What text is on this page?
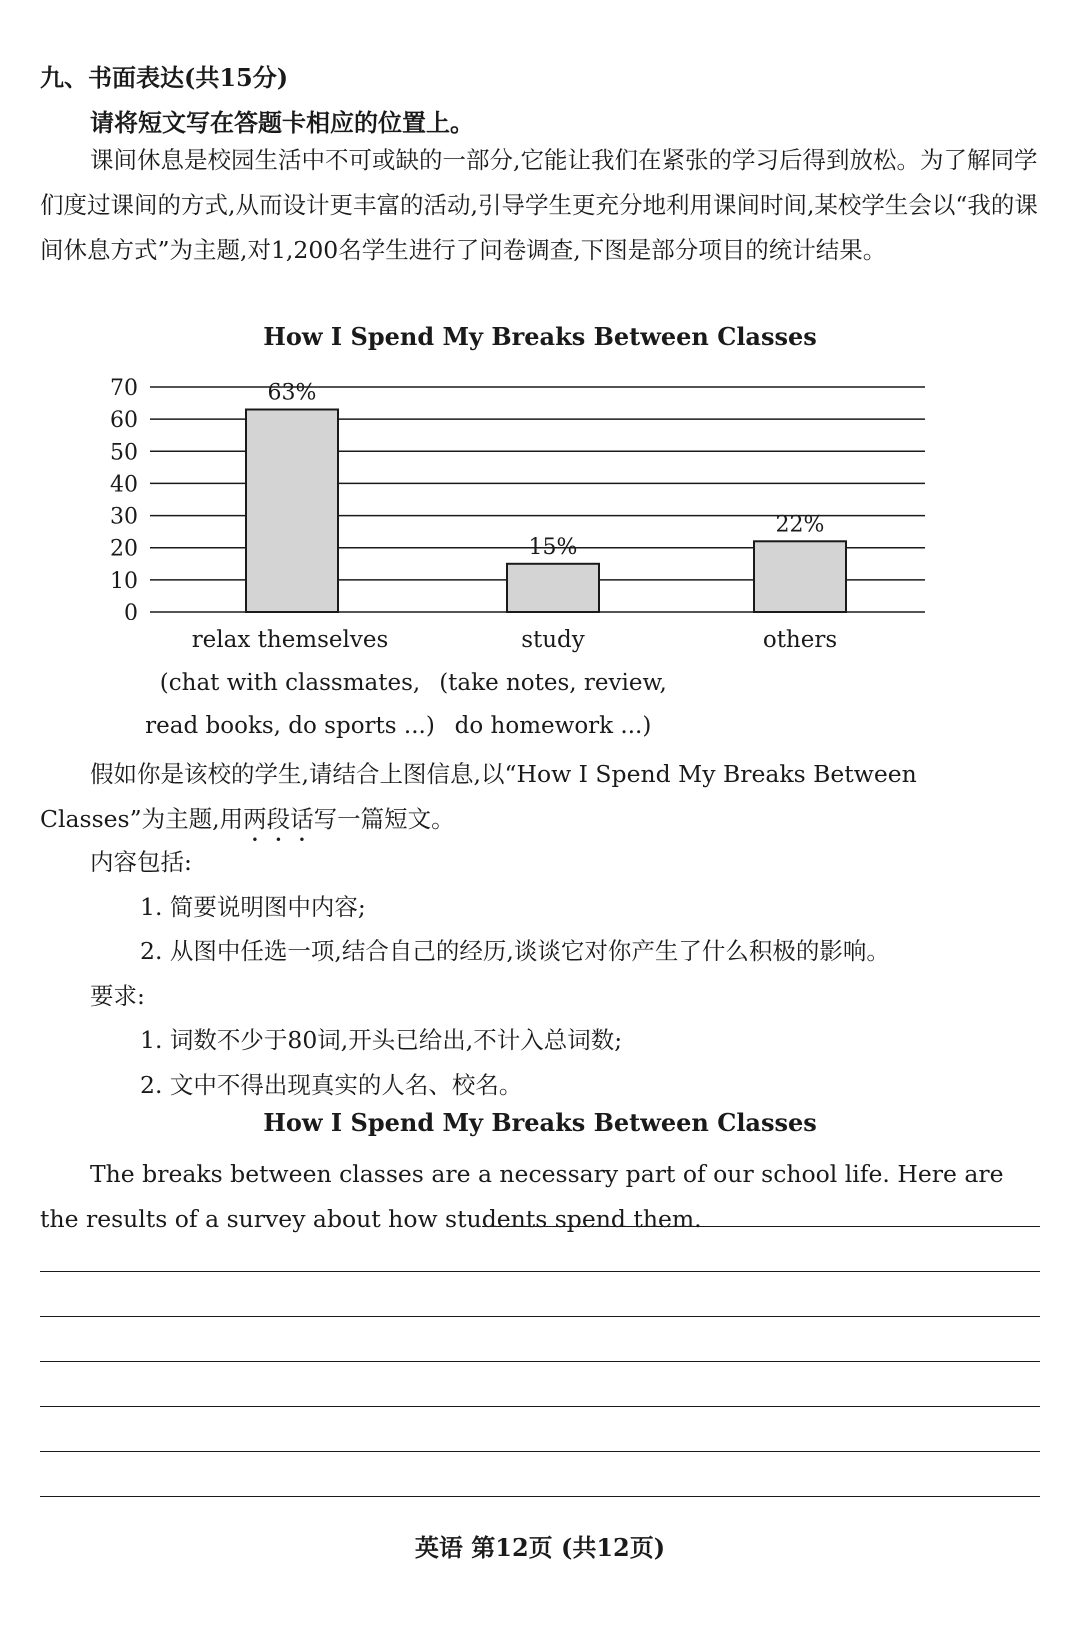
九、书面表达(共15分)
请将短文写在答题卡相应的位置上。
课间休息是校园生活中不可或缺的一部分,它能让我们在紧张的学习后得到放松。为了解同学们度过课间的方式,从而设计更丰富的活动,引导学生更充分地利用课间时间,某校学生会以“我的课间休息方式”为主题,对1,200名学生进行了问卷调查,下图是部分项目的统计结果。
How I Spend My Breaks Between Classes
0
10
20
30
40
50
60
70	63%
15%
22%
relax themselves
(chat with classmates,
read books, do sports ...)
study
(take notes, review,
do homework ...)
others
假如你是该校的学生,请结合上图信息,以“How I Spend My Breaks Between Classes”为主题,用两段话写一篇短文。
内容包括:
1. 简要说明图中内容;
2. 从图中任选一项,结合自己的经历,谈谈它对你产生了什么积极的影响。
要求:
1. 词数不少于80词,开头已给出,不计入总词数;
2. 文中不得出现真实的人名、校名。
How I Spend My Breaks Between Classes
The breaks between classes are a necessary part of our school life. Here are the results of a survey about how students spend them.
英语 第12页 (共12页)
